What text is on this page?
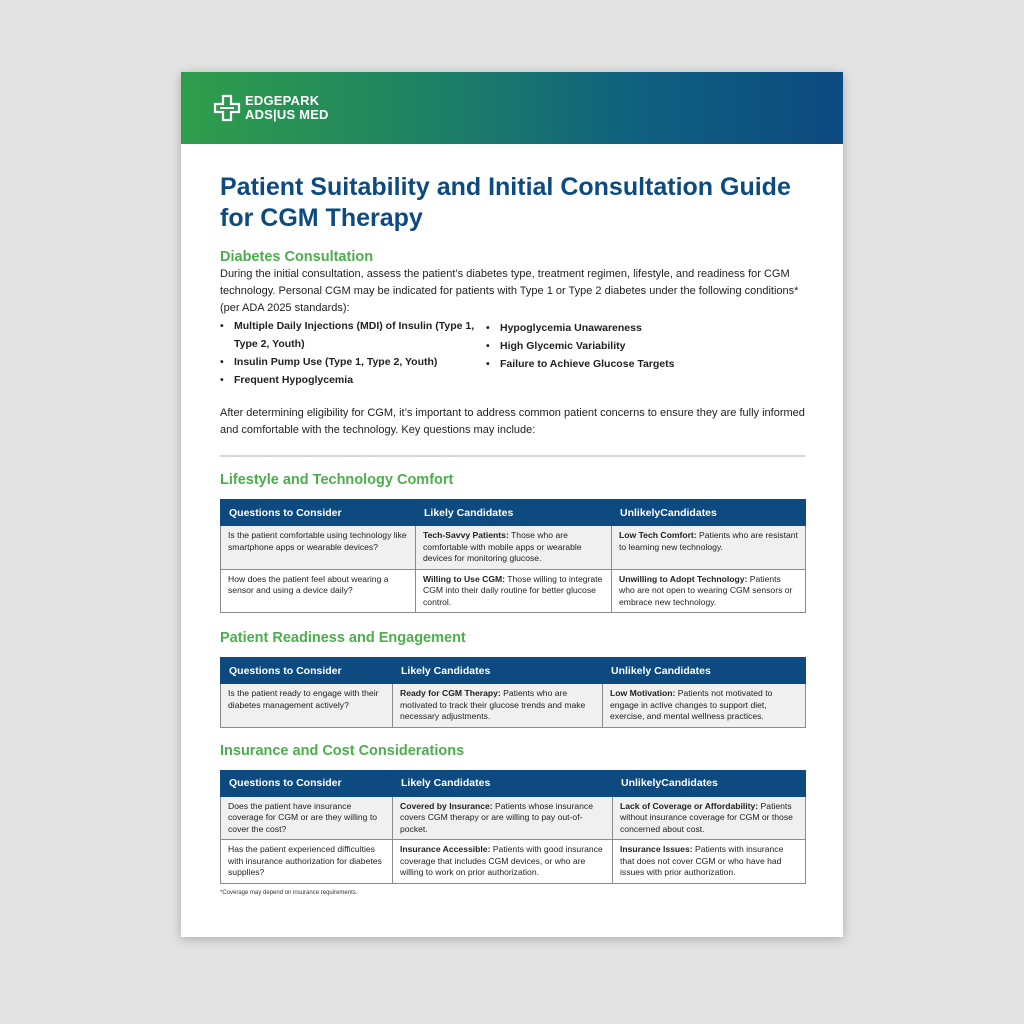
EDGEPARK
ADS|US MED
Patient Suitability and Initial Consultation Guide for CGM Therapy
Diabetes Consultation

During the initial consultation, assess the patient’s diabetes type, treatment regimen, lifestyle, and readiness for CGM technology. Personal CGM may be indicated for patients with Type 1 or Type 2 diabetes under the following conditions* (per ADA 2025 standards):

• Multiple Daily Injections (MDI) of Insulin (Type 1, Type 2, Youth)
• Insulin Pump Use (Type 1, Type 2, Youth)
• Frequent Hypoglycemia
• Hypoglycemia Unawareness
• High Glycemic Variability
• Failure to Achieve Glucose Targets

After determining eligibility for CGM, it’s important to address common patient concerns to ensure they are fully informed and comfortable with the technology. Key questions may include:

Lifestyle and Technology Comfort
Questions to Consider	Likely Candidates	UnlikelyCandidates
Is the patient comfortable using technology like smartphone apps or wearable devices?	Tech-Savvy Patients: Those who are comfortable with mobile apps or wearable devices for monitoring glucose.	Low Tech Comfort: Patients who are resistant to learning new technology.
How does the patient feel about wearing a sensor and using a device daily?	Willing to Use CGM: Those willing to integrate CGM into their daily routine for better glucose control.	Unwilling to Adopt Technology: Patients who are not open to wearing CGM sensors or embrace new technology.
Patient Readiness and Engagement
Questions to Consider	Likely Candidates	Unlikely Candidates
Is the patient ready to engage with their diabetes management actively?	Ready for CGM Therapy: Patients who are motivated to track their glucose trends and make necessary adjustments.	Low Motivation: Patients not motivated to engage in active changes to support diet, exercise, and mental wellness practices.
Insurance and Cost Considerations
Questions to Consider	Likely Candidates	UnlikelyCandidates
Does the patient have insurance coverage for CGM or are they willing to cover the cost?	Covered by Insurance: Patients whose insurance covers CGM therapy or are willing to pay out-of-pocket.	Lack of Coverage or Affordability: Patients without insurance coverage for CGM or those concerned about cost.
Has the patient experienced difficulties with insurance authorization for diabetes supplies?	Insurance Accessible: Patients with good insurance coverage that includes CGM devices, or who are willing to work on prior authorization.	Insurance Issues: Patients with insurance that does not cover CGM or who have had issues with prior authorization.
*Coverage may depend on insurance requirements.
